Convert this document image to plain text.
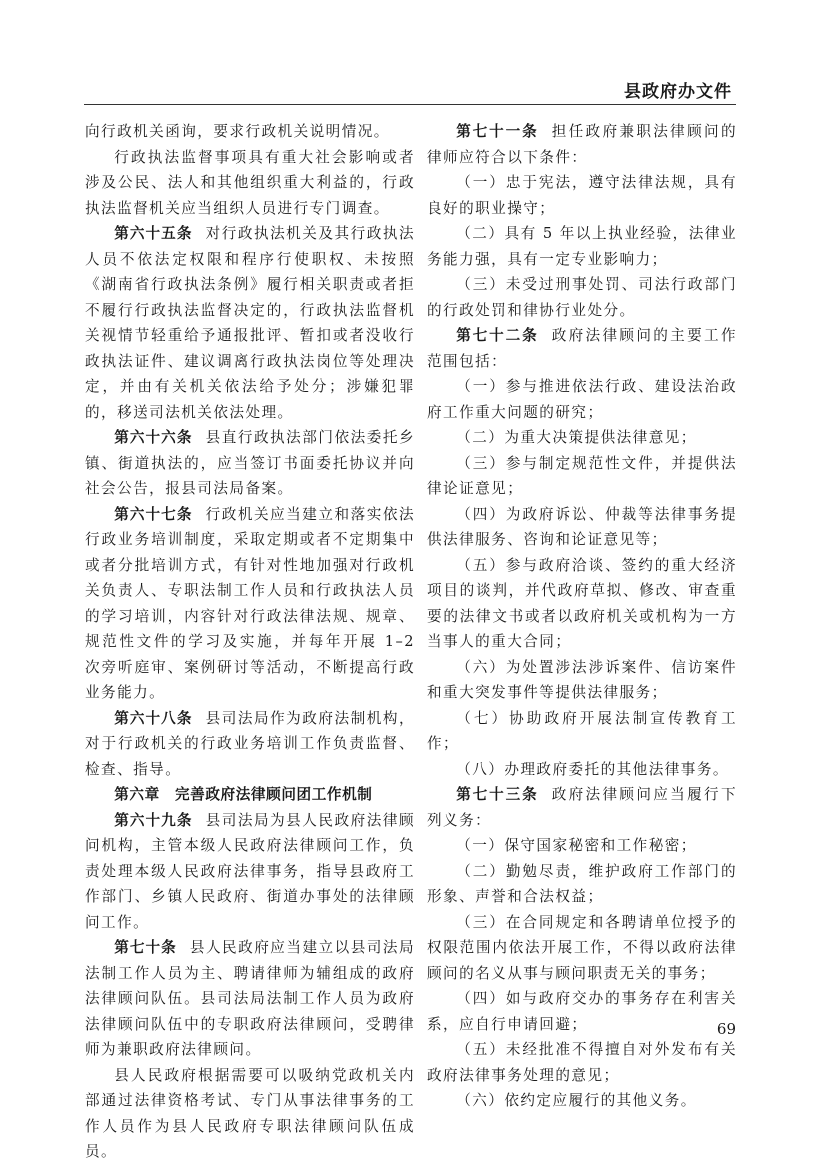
县政府办文件

向行政机关函询，要求行政机关说明情况。

行政执法监督事项具有重大社会影响或者涉及公民、法人和其他组织重大利益的，行政执法监督机关应当组织人员进行专门调查。

第六十五条 对行政执法机关及其行政执法人员不依法定权限和程序行使职权、未按照《湖南省行政执法条例》履行相关职责或者拒不履行行政执法监督决定的，行政执法监督机关视情节轻重给予通报批评、暂扣或者没收行政执法证件、建议调离行政执法岗位等处理决定，并由有关机关依法给予处分；涉嫌犯罪的，移送司法机关依法处理。

第六十六条 县直行政执法部门依法委托乡镇、街道执法的，应当签订书面委托协议并向社会公告，报县司法局备案。

第六十七条 行政机关应当建立和落实依法行政业务培训制度，采取定期或者不定期集中或者分批培训方式，有针对性地加强对行政机关负责人、专职法制工作人员和行政执法人员的学习培训，内容针对行政法律法规、规章、规范性文件的学习及实施，并每年开展 1–2 次旁听庭审、案例研讨等活动，不断提高行政业务能力。

第六十八条 县司法局作为政府法制机构，对于行政机关的行政业务培训工作负责监督、检查、指导。

第六章　完善政府法律顾问团工作机制

第六十九条 县司法局为县人民政府法律顾问机构，主管本级人民政府法律顾问工作，负责处理本级人民政府法律事务，指导县政府工作部门、乡镇人民政府、街道办事处的法律顾问工作。

第七十条 县人民政府应当建立以县司法局法制工作人员为主、聘请律师为辅组成的政府法律顾问队伍。县司法局法制工作人员为政府法律顾问队伍中的专职政府法律顾问，受聘律师为兼职政府法律顾问。

县人民政府根据需要可以吸纳党政机关内部通过法律资格考试、专门从事法律事务的工作人员作为县人民政府专职法律顾问队伍成员。

第七十一条 担任政府兼职法律顾问的律师应符合以下条件：

（一）忠于宪法，遵守法律法规，具有良好的职业操守；

（二）具有 5 年以上执业经验，法律业务能力强，具有一定专业影响力；

（三）未受过刑事处罚、司法行政部门的行政处罚和律协行业处分。

第七十二条 政府法律顾问的主要工作范围包括：

（一）参与推进依法行政、建设法治政府工作重大问题的研究；

（二）为重大决策提供法律意见；

（三）参与制定规范性文件，并提供法律论证意见；

（四）为政府诉讼、仲裁等法律事务提供法律服务、咨询和论证意见等；

（五）参与政府洽谈、签约的重大经济项目的谈判，并代政府草拟、修改、审查重要的法律文书或者以政府机关或机构为一方当事人的重大合同；

（六）为处置涉法涉诉案件、信访案件和重大突发事件等提供法律服务；

（七）协助政府开展法制宣传教育工作；

（八）办理政府委托的其他法律事务。

第七十三条 政府法律顾问应当履行下列义务：

（一）保守国家秘密和工作秘密；

（二）勤勉尽责，维护政府工作部门的形象、声誉和合法权益；

（三）在合同规定和各聘请单位授予的权限范围内依法开展工作，不得以政府法律顾问的名义从事与顾问职责无关的事务；

（四）如与政府交办的事务存在利害关系，应自行申请回避；

（五）未经批准不得擅自对外发布有关政府法律事务处理的意见；

（六）依约定应履行的其他义务。

69
